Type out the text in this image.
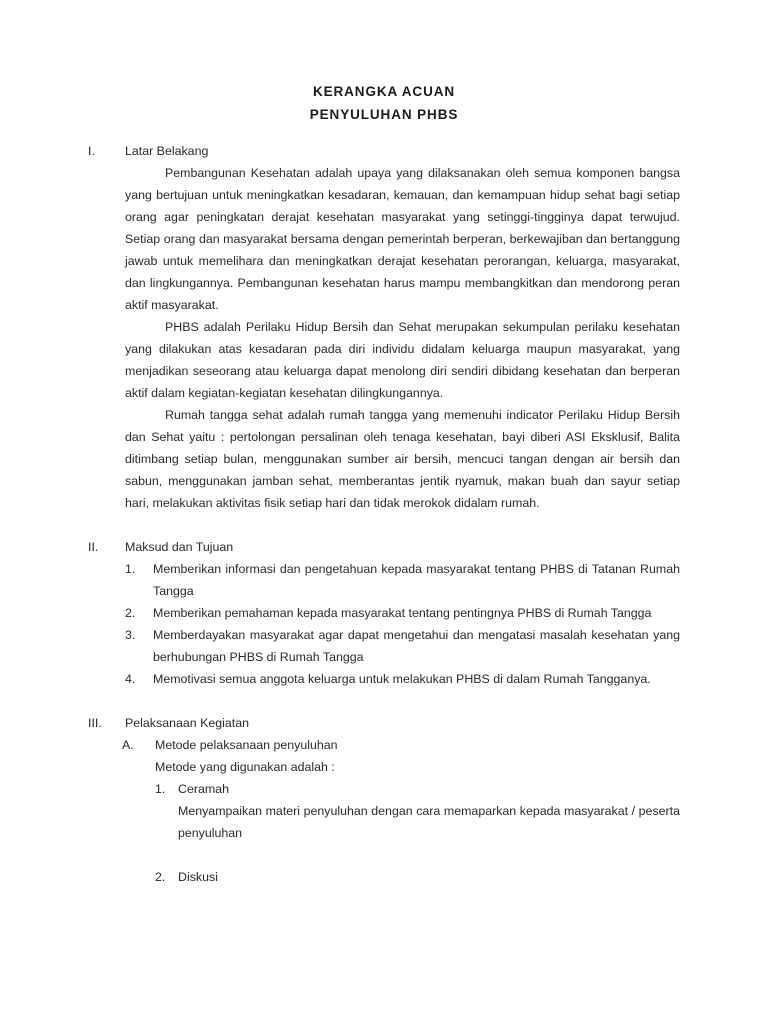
KERANGKA ACUAN
PENYULUHAN PHBS
I.	Latar Belakang

Pembangunan Kesehatan adalah upaya yang dilaksanakan oleh semua komponen bangsa yang bertujuan untuk meningkatkan kesadaran, kemauan, dan kemampuan hidup sehat bagi setiap orang agar peningkatan derajat kesehatan masyarakat yang setinggi-tingginya dapat terwujud. Setiap orang dan masyarakat bersama dengan pemerintah berperan, berkewajiban dan bertanggung jawab untuk memelihara dan meningkatkan derajat kesehatan perorangan, keluarga, masyarakat, dan lingkungannya. Pembangunan kesehatan harus mampu membangkitkan dan mendorong peran aktif masyarakat.

PHBS adalah Perilaku Hidup Bersih dan Sehat merupakan sekumpulan perilaku kesehatan yang dilakukan atas kesadaran pada diri individu didalam keluarga maupun masyarakat, yang menjadikan seseorang atau keluarga dapat menolong diri sendiri dibidang kesehatan dan berperan aktif dalam kegiatan-kegiatan kesehatan dilingkungannya.

Rumah tangga sehat adalah rumah tangga yang memenuhi indicator Perilaku Hidup Bersih dan Sehat yaitu : pertolongan persalinan oleh tenaga kesehatan, bayi diberi ASI Eksklusif, Balita ditimbang setiap bulan, menggunakan sumber air bersih, mencuci tangan dengan air bersih dan sabun, menggunakan jamban sehat, memberantas jentik nyamuk, makan buah dan sayur setiap hari, melakukan aktivitas fisik setiap hari dan tidak merokok didalam rumah.

II.	Maksud dan Tujuan
1.	Memberikan informasi dan pengetahuan kepada masyarakat tentang PHBS di Tatanan Rumah Tangga
2.	Memberikan pemahaman kepada masyarakat tentang pentingnya PHBS di Rumah Tangga
3.	Memberdayakan masyarakat agar dapat mengetahui dan mengatasi masalah kesehatan yang berhubungan PHBS di Rumah Tangga
4.	Memotivasi semua anggota keluarga untuk melakukan PHBS di dalam Rumah Tangganya.
III.	Pelaksanaan Kegiatan
A.	Metode pelaksanaan penyuluhan
Metode yang digunakan adalah :
1.	Ceramah
Menyampaikan materi penyuluhan dengan cara memaparkan kepada masyarakat / peserta penyuluhan
2.	Diskusi
